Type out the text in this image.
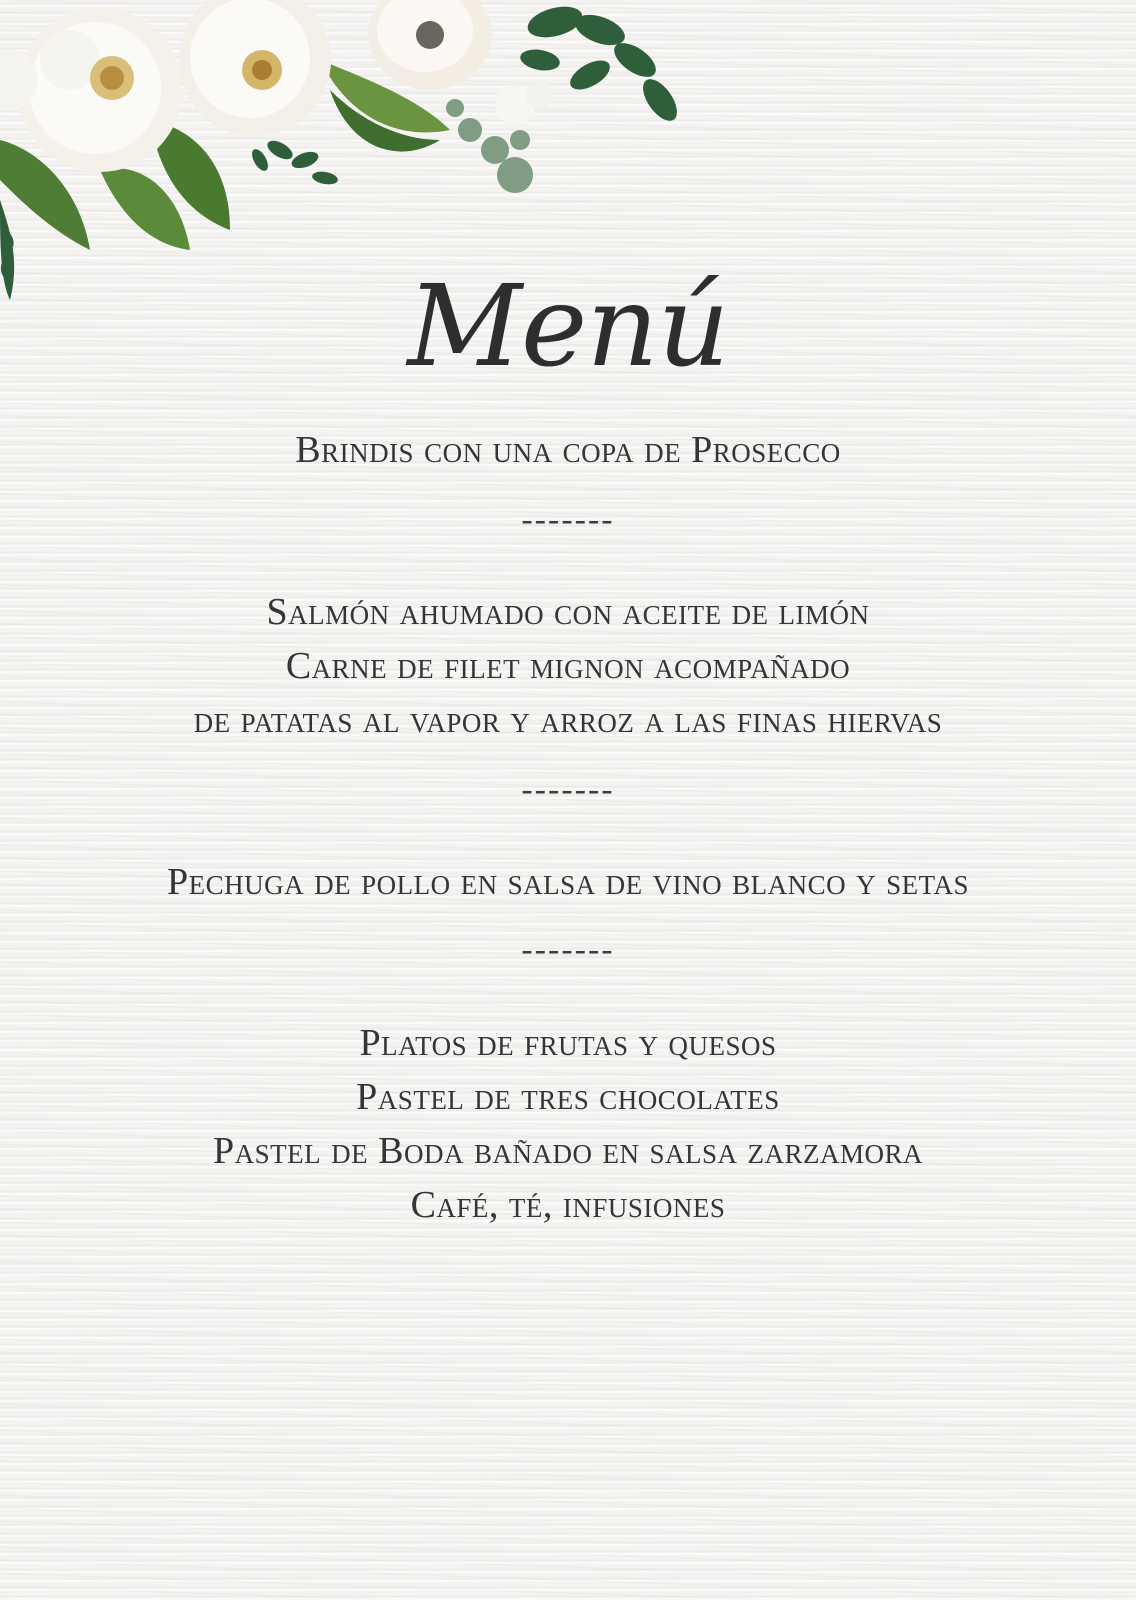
Menú
Brindis con una copa de Prosecco
-------
Salmón ahumado con aceite de limón
Carne de filet mignon acompañado
de patatas al vapor y arroz a las finas hiervas
-------
Pechuga de pollo en salsa de vino blanco y setas
-------
Platos de frutas y quesos
Pastel de tres chocolates
Pastel de Boda bañado en salsa zarzamora
Café, té, infusiones
